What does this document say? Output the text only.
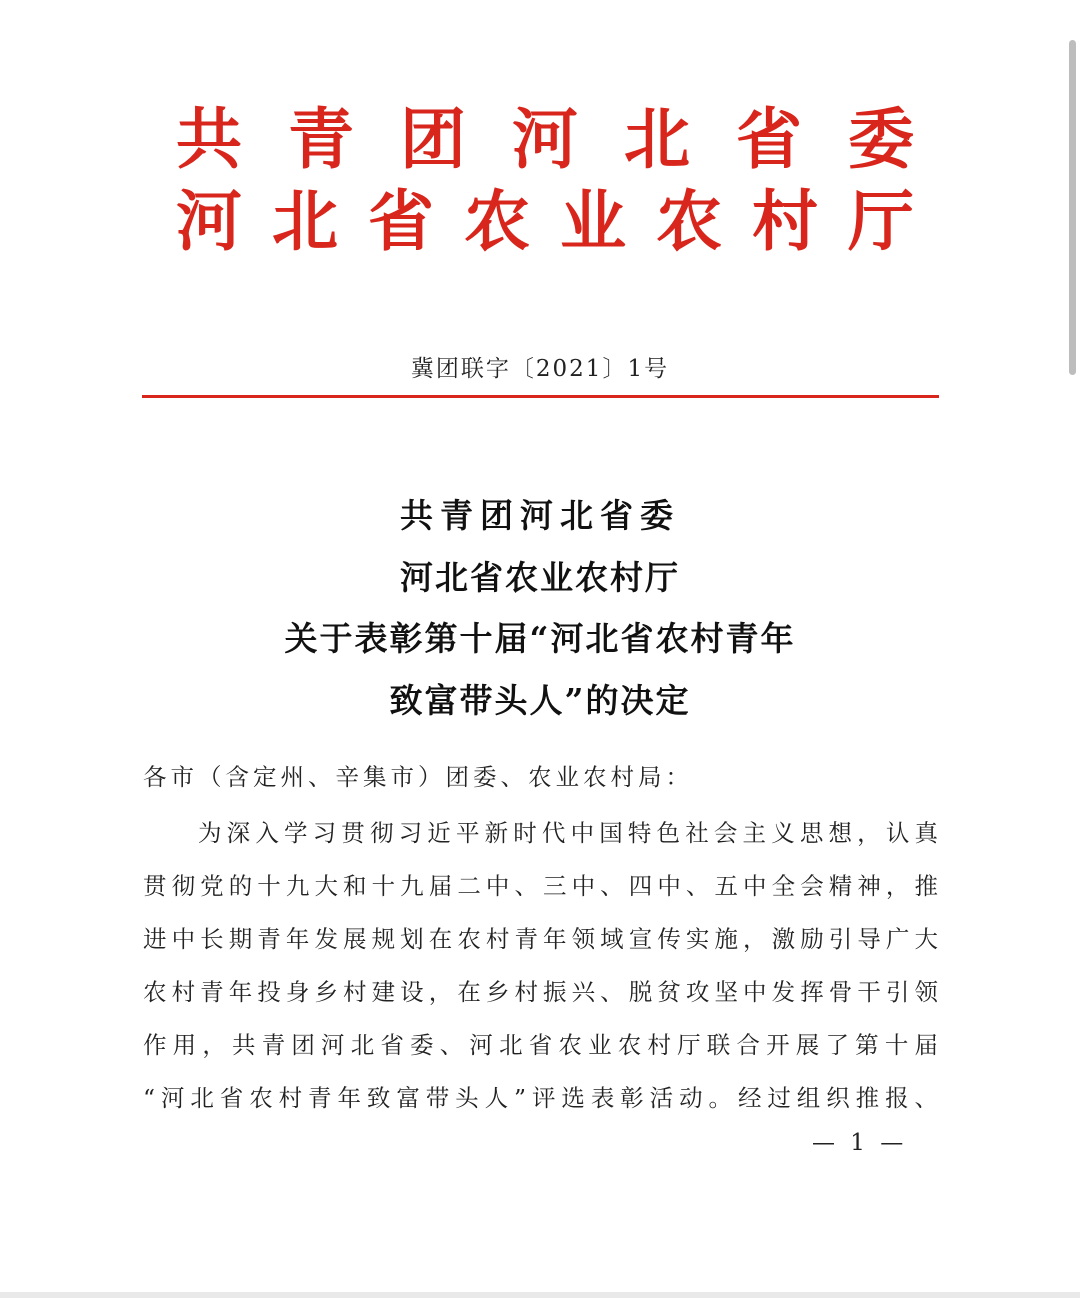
共青团河北省委
河北省农业农村厅
冀团联字〔2021〕1号
共青团河北省委
河北省农业农村厅
关于表彰第十届“河北省农村青年
致富带头人”的决定
各市（含定州、辛集市）团委、农业农村局：
为深入学习贯彻习近平新时代中国特色社会主义思想，认真
贯彻党的十九大和十九届二中、三中、四中、五中全会精神，推
进中长期青年发展规划在农村青年领域宣传实施，激励引导广大
农村青年投身乡村建设，在乡村振兴、脱贫攻坚中发挥骨干引领
作用，共青团河北省委、河北省农业农村厅联合开展了第十届
“河北省农村青年致富带头人”评选表彰活动。经过组织推报、
— 1 —
